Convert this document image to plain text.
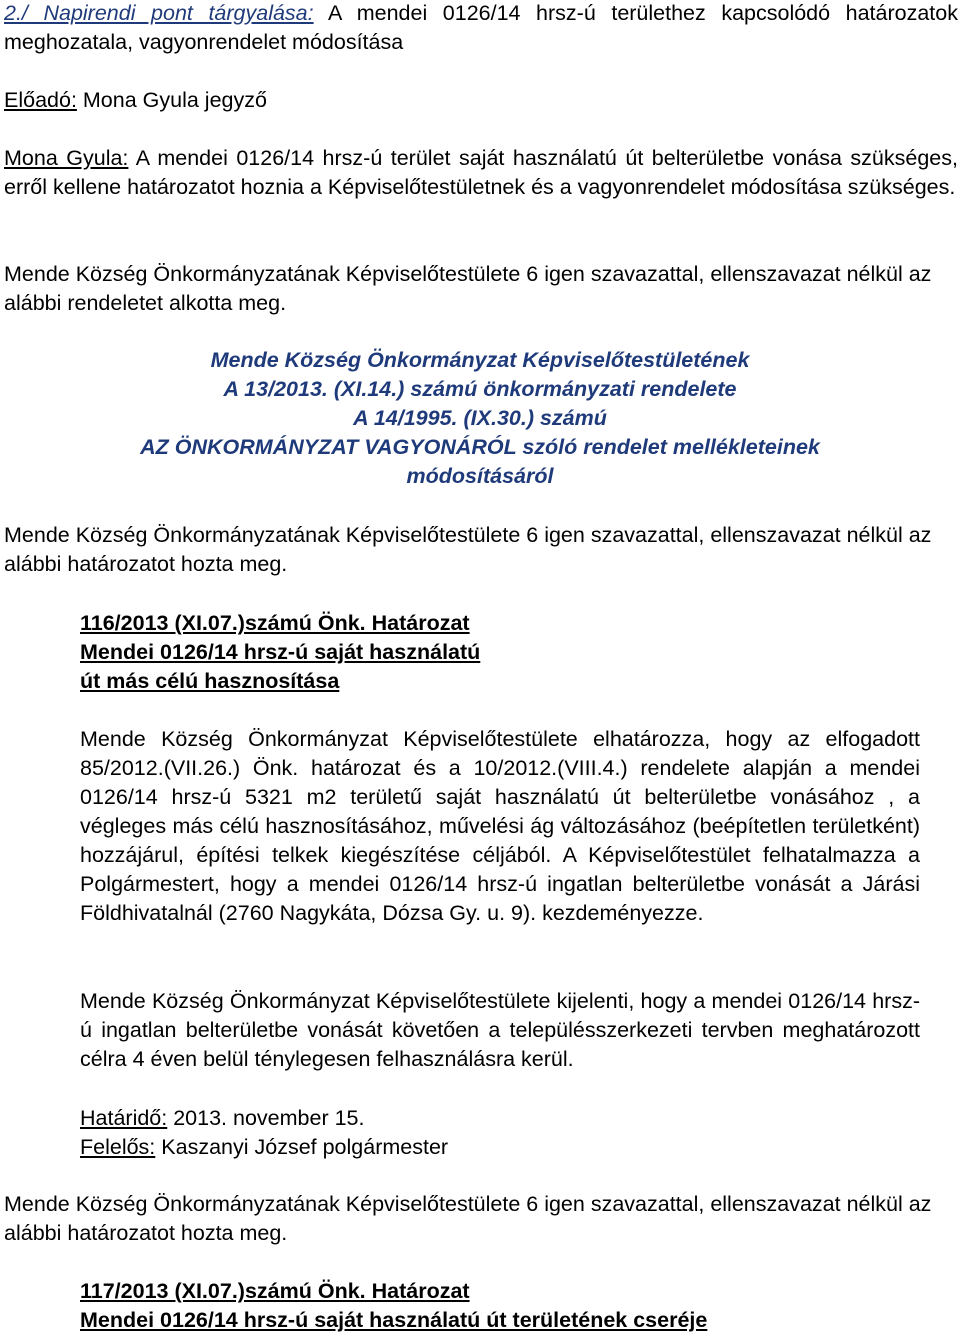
2./ Napirendi pont tárgyalása: A mendei 0126/14 hrsz-ú területhez kapcsolódó határozatok meghozatala, vagyonrendelet módosítása

Előadó: Mona Gyula jegyző

Mona Gyula: A mendei 0126/14 hrsz-ú terület saját használatú út belterületbe vonása szükséges, erről kellene határozatot hoznia a Képviselőtestületnek és a vagyonrendelet módosítása szükséges.

Mende Község Önkormányzatának Képviselőtestülete 6 igen szavazattal, ellenszavazat nélkül az alábbi rendeletet alkotta meg.

Mende Község Önkormányzat Képviselőtestületének
A 13/2013. (XI.14.) számú önkormányzati rendelete
A 14/1995. (IX.30.) számú
AZ ÖNKORMÁNYZAT VAGYONÁRÓL szóló rendelet mellékleteinek
módosításáról

Mende Község Önkormányzatának Képviselőtestülete 6 igen szavazattal, ellenszavazat nélkül az alábbi határozatot hozta meg.

116/2013 (XI.07.)számú Önk. Határozat
Mendei 0126/14 hrsz-ú saját használatú
út más célú hasznosítása

Mende Község Önkormányzat Képviselőtestülete elhatározza, hogy az elfogadott 85/2012.(VII.26.) Önk. határozat és a 10/2012.(VIII.4.) rendelete alapján a mendei 0126/14 hrsz-ú 5321 m2 területű saját használatú út belterületbe vonásához , a végleges más célú hasznosításához, művelési ág változásához (beépítetlen területként) hozzájárul, építési telkek kiegészítése céljából. A Képviselőtestület felhatalmazza a Polgármestert, hogy a mendei 0126/14 hrsz-ú ingatlan belterületbe vonását a Járási Földhivatalnál (2760 Nagykáta, Dózsa Gy. u. 9). kezdeményezze.

Mende Község Önkormányzat Képviselőtestülete kijelenti, hogy a mendei 0126/14 hrsz-ú ingatlan belterületbe vonását követően a településszerkezeti tervben meghatározott célra 4 éven belül ténylegesen felhasználásra kerül.

Határidő: 2013. november 15.
Felelős: Kaszanyi József polgármester

Mende Község Önkormányzatának Képviselőtestülete 6 igen szavazattal, ellenszavazat nélkül az alábbi határozatot hozta meg.

117/2013 (XI.07.)számú Önk. Határozat
Mendei 0126/14 hrsz-ú saját használatú út területének cseréje
